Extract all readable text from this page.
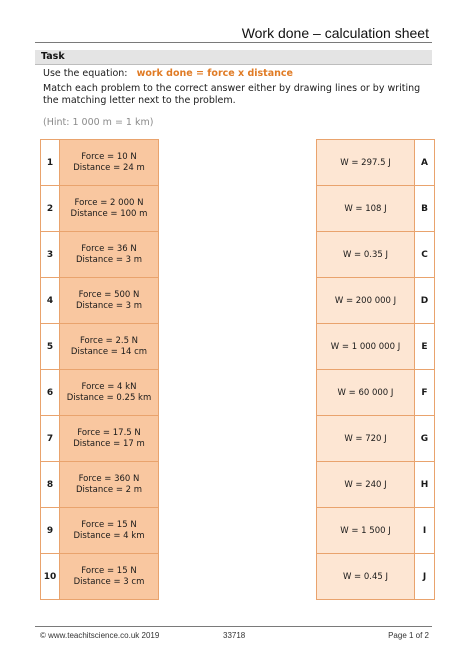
Work done – calculation sheet
Task
Use the equation: work done = force x distance
Match each problem to the correct answer either by drawing lines or by writing the matching letter next to the problem.
(Hint: 1 000 m = 1 km)
1
Force = 10 N
Distance = 24 m
2
Force = 2 000 N
Distance = 100 m
3
Force = 36 N
Distance = 3 m
4
Force = 500 N
Distance = 3 m
5
Force = 2.5 N
Distance = 14 cm
6
Force = 4 kN
Distance = 0.25 km
7
Force = 17.5 N
Distance = 17 m
8
Force = 360 N
Distance = 2 m
9
Force = 15 N
Distance = 4 km
10
Force = 15 N
Distance = 3 cm
W = 297.5 J	A
W = 108 J	B
W = 0.35 J	C
W = 200 000 J	D
W = 1 000 000 J	E
W = 60 000 J	F
W = 720 J	G
W = 240 J	H
W = 1 500 J	I
W = 0.45 J	J
© www.teachitscience.co.uk 2019	33718	Page 1 of 2
